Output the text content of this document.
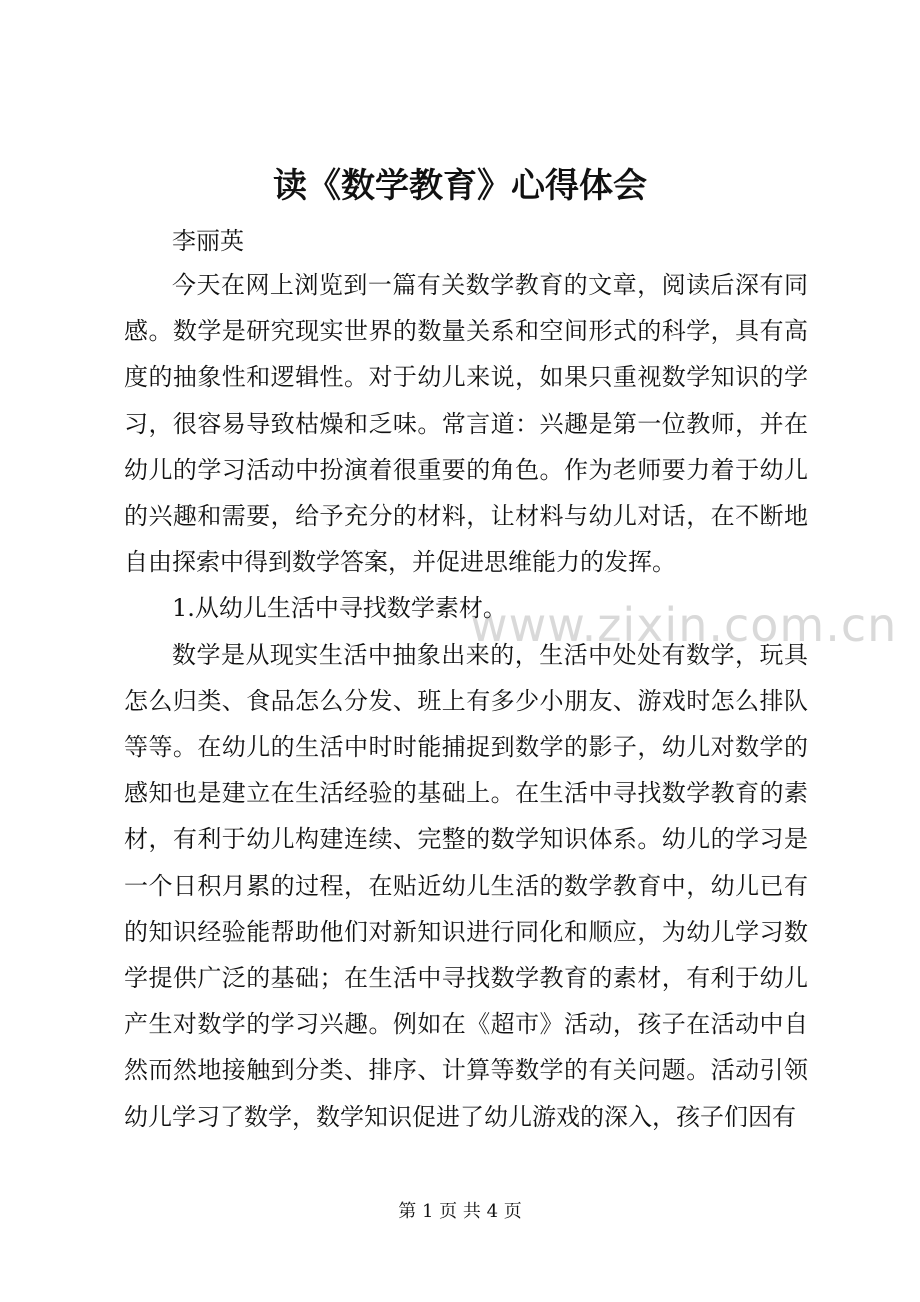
www.zixin.com.cn
读《数学教育》心得体会
李丽英

今天在网上浏览到一篇有关数学教育的文章，阅读后深有同感。数学是研究现实世界的数量关系和空间形式的科学，具有高度的抽象性和逻辑性。对于幼儿来说，如果只重视数学知识的学习，很容易导致枯燥和乏味。常言道：兴趣是第一位教师，并在幼儿的学习活动中扮演着很重要的角色。作为老师要力着于幼儿的兴趣和需要，给予充分的材料，让材料与幼儿对话，在不断地自由探索中得到数学答案，并促进思维能力的发挥。

1.从幼儿生活中寻找数学素材。

数学是从现实生活中抽象出来的，生活中处处有数学，玩具怎么归类、食品怎么分发、班上有多少小朋友、游戏时怎么排队等等。在幼儿的生活中时时能捕捉到数学的影子，幼儿对数学的感知也是建立在生活经验的基础上。在生活中寻找数学教育的素材，有利于幼儿构建连续、完整的数学知识体系。幼儿的学习是一个日积月累的过程，在贴近幼儿生活的数学教育中，幼儿已有的知识经验能帮助他们对新知识进行同化和顺应，为幼儿学习数学提供广泛的基础；在生活中寻找数学教育的素材，有利于幼儿产生对数学的学习兴趣。例如在《超市》活动，孩子在活动中自然而然地接触到分类、排序、计算等数学的有关问题。活动引领幼儿学习了数学，数学知识促进了幼儿游戏的深入，孩子们因有

第 1 页 共 4 页
